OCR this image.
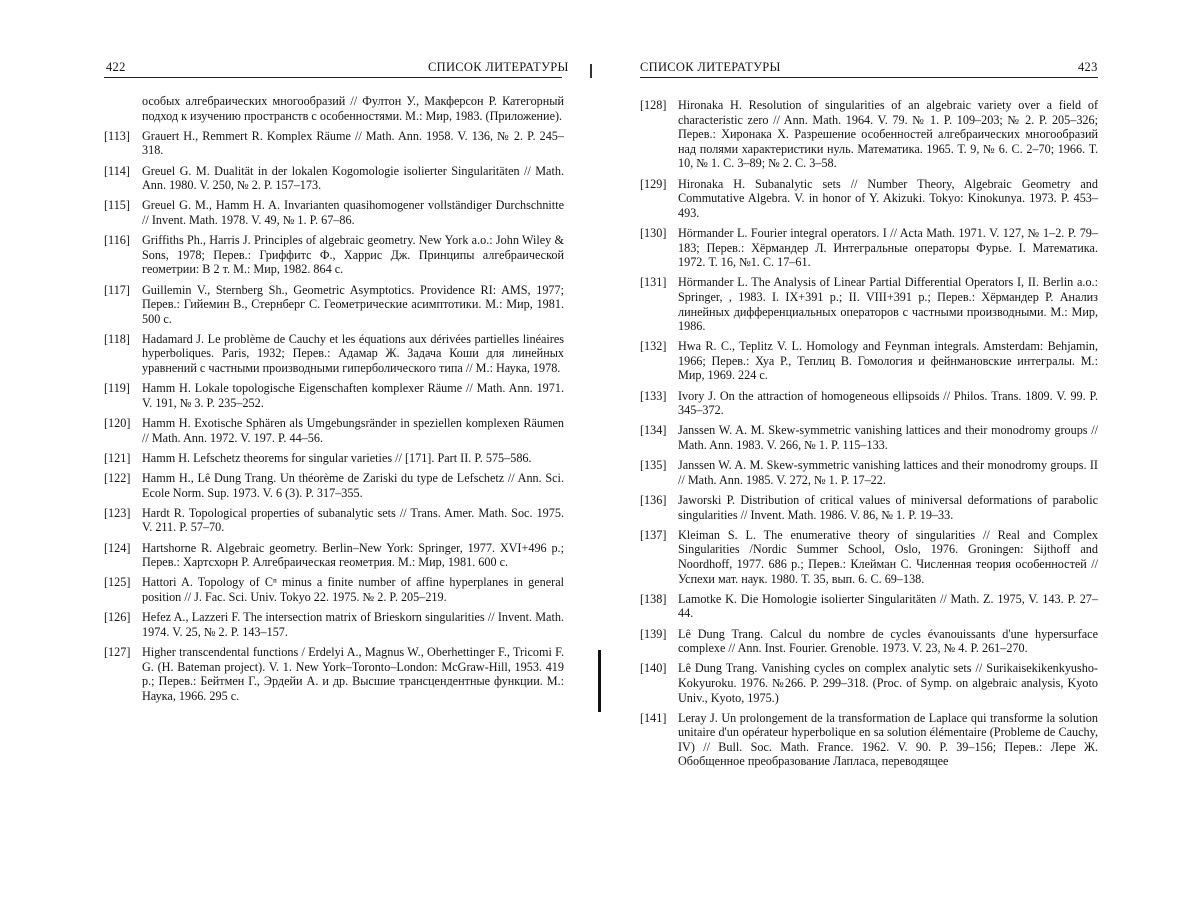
422	СПИСОК ЛИТЕРАТУРЫ
особых алгебраических многообразий // Фултон У., Макферсон Р. Категорный подход к изучению пространств с особенностями. М.: Мир, 1983. (Приложение).
[113] Grauert H., Remmert R. Komplex Räume // Math. Ann. 1958. V. 136, № 2. P. 245–318.
[114] Greuel G. M. Dualität in der lokalen Kogomologie isolierter Singularitäten // Math. Ann. 1980. V. 250, № 2. P. 157–173.
[115] Greuel G. M., Hamm H. A. Invarianten quasihomogener vollständiger Durchschnitte // Invent. Math. 1978. V. 49, № 1. P. 67–86.
[116] Griffiths Ph., Harris J. Principles of algebraic geometry. New York a.o.: John Wiley & Sons, 1978; Перев.: Гриффитс Ф., Харрис Дж. Принципы алгебраической геометрии: В 2 т. М.: Мир, 1982. 864 с.
[117] Guillemin V., Sternberg Sh., Geometric Asymptotics. Providence RI: AMS, 1977; Перев.: Гийемин В., Стернберг С. Геометрические асимптотики. М.: Мир, 1981. 500 с.
[118] Hadamard J. Le problème de Cauchy et les équations aux dérivées partielles linéaires hyperboliques. Paris, 1932; Перев.: Адамар Ж. Задача Коши для линейных уравнений с частными производными гиперболического типа // М.: Наука, 1978.
[119] Hamm H. Lokale topologische Eigenschaften komplexer Räume // Math. Ann. 1971. V. 191, № 3. P. 235–252.
[120] Hamm H. Exotische Sphären als Umgebungsränder in speziellen komplexen Räumen // Math. Ann. 1972. V. 197. P. 44–56.
[121] Hamm H. Lefschetz theorems for singular varieties // [171]. Part II. P. 575–586.
[122] Hamm H., Lê Dung Trang. Un théorème de Zariski du type de Lefschetz // Ann. Sci. Ecole Norm. Sup. 1973. V. 6 (3). P. 317–355.
[123] Hardt R. Topological properties of subanalytic sets // Trans. Amer. Math. Soc. 1975. V. 211. P. 57–70.
[124] Hartshorne R. Algebraic geometry. Berlin–New York: Springer, 1977. XVI+496 p.; Перев.: Хартсхорн Р. Алгебраическая геометрия. М.: Мир, 1981. 600 с.
[125] Hattori A. Topology of Cⁿ minus a finite number of affine hyperplanes in general position // J. Fac. Sci. Univ. Tokyo 22. 1975. № 2. P. 205–219.
[126] Hefez A., Lazzeri F. The intersection matrix of Brieskorn singularities // Invent. Math. 1974. V. 25, № 2. P. 143–157.
[127] Higher transcendental functions / Erdelyi A., Magnus W., Oberhettinger F., Tricomi F. G. (H. Bateman project). V. 1. New York–Toronto–London: McGraw-Hill, 1953. 419 p.; Перев.: Бейтмен Г., Эрдейи А. и др. Высшие трансцендентные функции. М.: Наука, 1966. 295 с.
СПИСОК ЛИТЕРАТУРЫ	423
[128] Hironaka H. Resolution of singularities of an algebraic variety over a field of characteristic zero // Ann. Math. 1964. V. 79. № 1. P. 109–203; № 2. P. 205–326; Перев.: Хиронака Х. Разрешение особенностей алгебраических многообразий над полями характеристики нуль. Математика. 1965. Т. 9, № 6. С. 2–70; 1966. Т. 10, № 1. С. 3–89; № 2. С. 3–58.
[129] Hironaka H. Subanalytic sets // Number Theory, Algebraic Geometry and Commutative Algebra. V. in honor of Y. Akizuki. Tokyo: Kinokunya. 1973. P. 453–493.
[130] Hörmander L. Fourier integral operators. I // Acta Math. 1971. V. 127, № 1–2. P. 79–183; Перев.: Хёрмандер Л. Интегральные операторы Фурье. I. Математика. 1972. Т. 16, №1. С. 17–61.
[131] Hörmander L. The Analysis of Linear Partial Differential Operators I, II. Berlin a.o.: Springer, , 1983. I. IX+391 p.; II. VIII+391 p.; Перев.: Хёрмандер Р. Анализ линейных дифференциальных операторов с частными производными. М.: Мир, 1986.
[132] Hwa R. C., Teplitz V. L. Homology and Feynman integrals. Amsterdam: Behjamin, 1966; Перев.: Хуа Р., Теплиц В. Гомология и фейнмановские интегралы. М.: Мир, 1969. 224 с.
[133] Ivory J. On the attraction of homogeneous ellipsoids // Philos. Trans. 1809. V. 99. P. 345–372.
[134] Janssen W. A. M. Skew-symmetric vanishing lattices and their monodromy groups // Math. Ann. 1983. V. 266, № 1. P. 115–133.
[135] Janssen W. A. M. Skew-symmetric vanishing lattices and their monodromy groups. II // Math. Ann. 1985. V. 272, № 1. P. 17–22.
[136] Jaworski P. Distribution of critical values of miniversal deformations of parabolic singularities // Invent. Math. 1986. V. 86, № 1. P. 19–33.
[137] Kleiman S. L. The enumerative theory of singularities // Real and Complex Singularities /Nordic Summer School, Oslo, 1976. Groningen: Sijthoff and Noordhoff, 1977. 686 p.; Перев.: Клейман С. Численная теория особенностей // Успехи мат. наук. 1980. Т. 35, вып. 6. С. 69–138.
[138] Lamotke K. Die Homologie isolierter Singularitäten // Math. Z. 1975, V. 143. P. 27–44.
[139] Lê Dung Trang. Calcul du nombre de cycles évanouissants d'une hypersurface complexe // Ann. Inst. Fourier. Grenoble. 1973. V. 23, № 4. P. 261–270.
[140] Lê Dung Trang. Vanishing cycles on complex analytic sets // Surikaisekikenkyusho-Kokyuroku. 1976. №266. P. 299–318. (Proc. of Symp. on algebraic analysis, Kyoto Univ., Kyoto, 1975.)
[141] Leray J. Un prolongement de la transformation de Laplace qui transforme la solution unitaire d'un opérateur hyperbolique en sa solution élémentaire (Probleme de Cauchy, IV) // Bull. Soc. Math. France. 1962. V. 90. P. 39–156; Перев.: Лере Ж. Обобщенное преобразование Лапласа, переводящее
